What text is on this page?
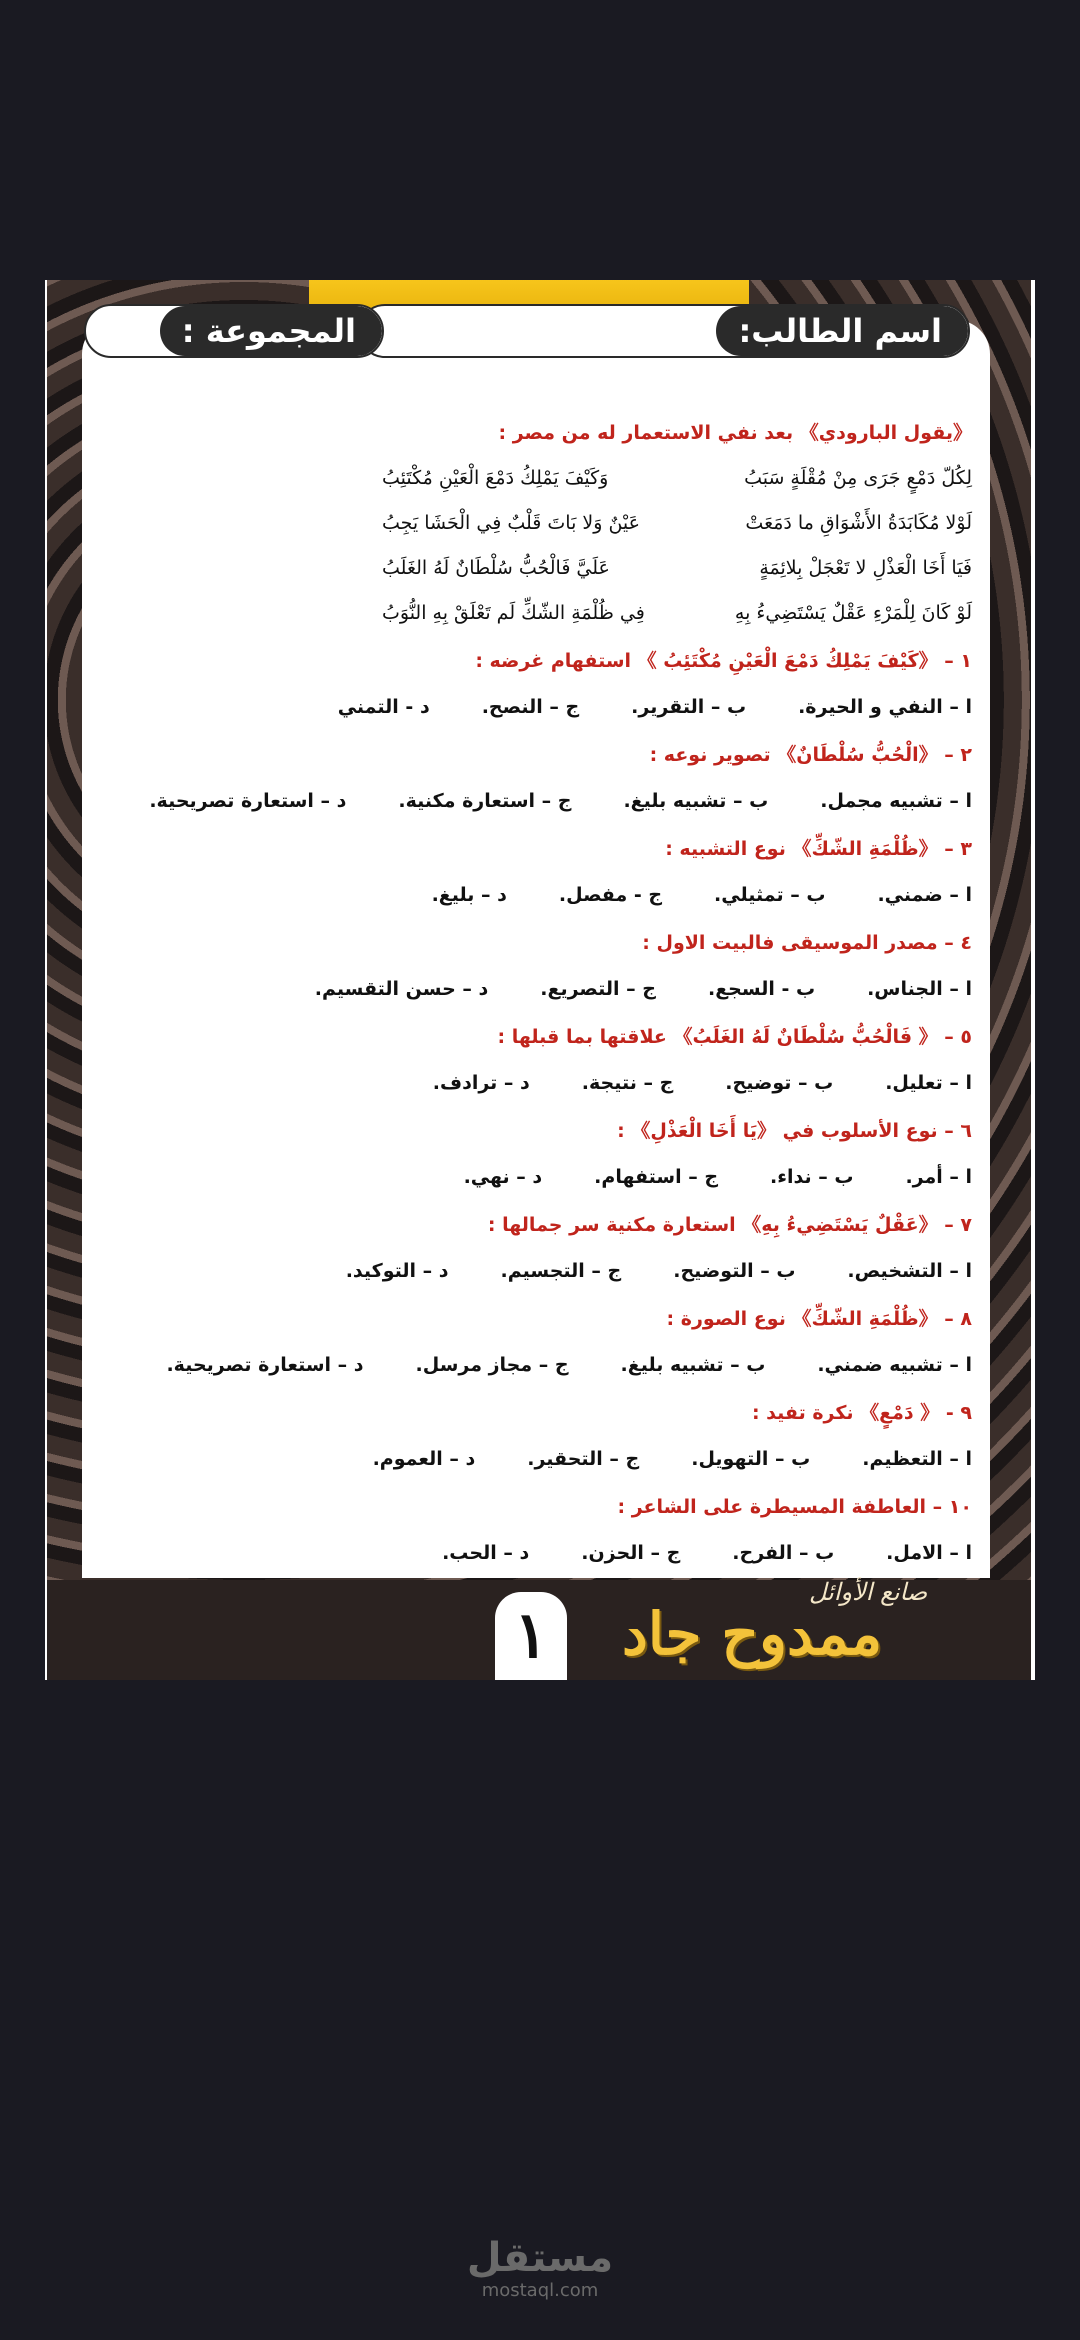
١
صانع الأوائل
ممدوح جاد
اسم الطالب:
المجموعة :
《يقول البارودي》 بعد نفي الاستعمار له من مصر :
لِكُلّ دَمْعٍ جَرَى مِنْ مُقْلَةٍ سَبَبُ
وَكَيْفَ يَمْلِكُ دَمْعَ الْعَيْنِ مُكْتَئِبُ
لَوْلا مُكَابَدَةُ الأَشْوَاقِ ما دَمَعَتْ
عَيْنٌ وَلا بَاتَ قَلْبٌ فِي الْحَشَا يَجِبُ
فَيَا أَخَا الْعَذْلِ لا تَعْجَلْ بِلائِمَةٍ
عَلَيَّ فَالْحُبُّ سُلْطَانٌ لَهُ الغَلَبُ
لَوْ كَانَ لِلْمَرْءِ عَقْلٌ يَسْتَضِيءُ بِهِ
فِي ظُلْمَةِ الشّكِّ لَم تَعْلَقْ بِهِ النُّوَبُ
١ – 《كَيْفَ يَمْلِكُ دَمْعَ الْعَيْنِ مُكْتَئِبُ 》 استفهام غرضه :
ا – النفي و الحيرة.
ب – التقرير.
ج – النصح.
د - التمني
٢ – 《الْحُبُّ سُلْطَانٌ》 تصوير نوعه :
ا – تشبيه مجمل.
ب – تشبيه بليغ.
ج – استعارة مكنية.
د – استعارة تصريحية.
٣ – 《ظُلْمَةِ الشّكِّ》 نوع التشبيه :
ا – ضمني.
ب – تمثيلي.
ج - مفصل.
د – بليغ.
٤ – مصدر الموسيقى فالبيت الاول :
ا – الجناس.
ب - السجع.
ج – التصريع.
د – حسن التقسيم.
٥ – 《 فَالْحُبُّ سُلْطَانٌ لَهُ الغَلَبُ》 علاقتها بما قبلها :
ا – تعليل.
ب – توضيح.
ج – نتيجة.
د – ترادف.
٦ – نوع الأسلوب في 《يَا أَخَا الْعَذْلِ》 :
ا – أمر.
ب – نداء.
ج – استفهام.
د – نهي.
٧ – 《عَقْلٌ يَسْتَضِيءُ بِهِ》 استعارة مكنية سر جمالها :
ا – التشخيص.
ب – التوضيح.
ج – التجسيم.
د – التوكيد.
٨ – 《ظُلْمَةِ الشّكِّ》 نوع الصورة :
ا – تشبيه ضمني.
ب – تشبيه بليغ.
ج – مجاز مرسل.
د – استعارة تصريحية.
٩ - 《 دَمْعٍ》 نكرة تفيد :
ا – التعظيم.
ب – التهويل.
ج – التحقير.
د – العموم.
١٠ – العاطفة المسيطرة على الشاعر :
ا – الامل.
ب – الفرح.
ج – الحزن.
د – الحب.
مستقل
mostaql.com
